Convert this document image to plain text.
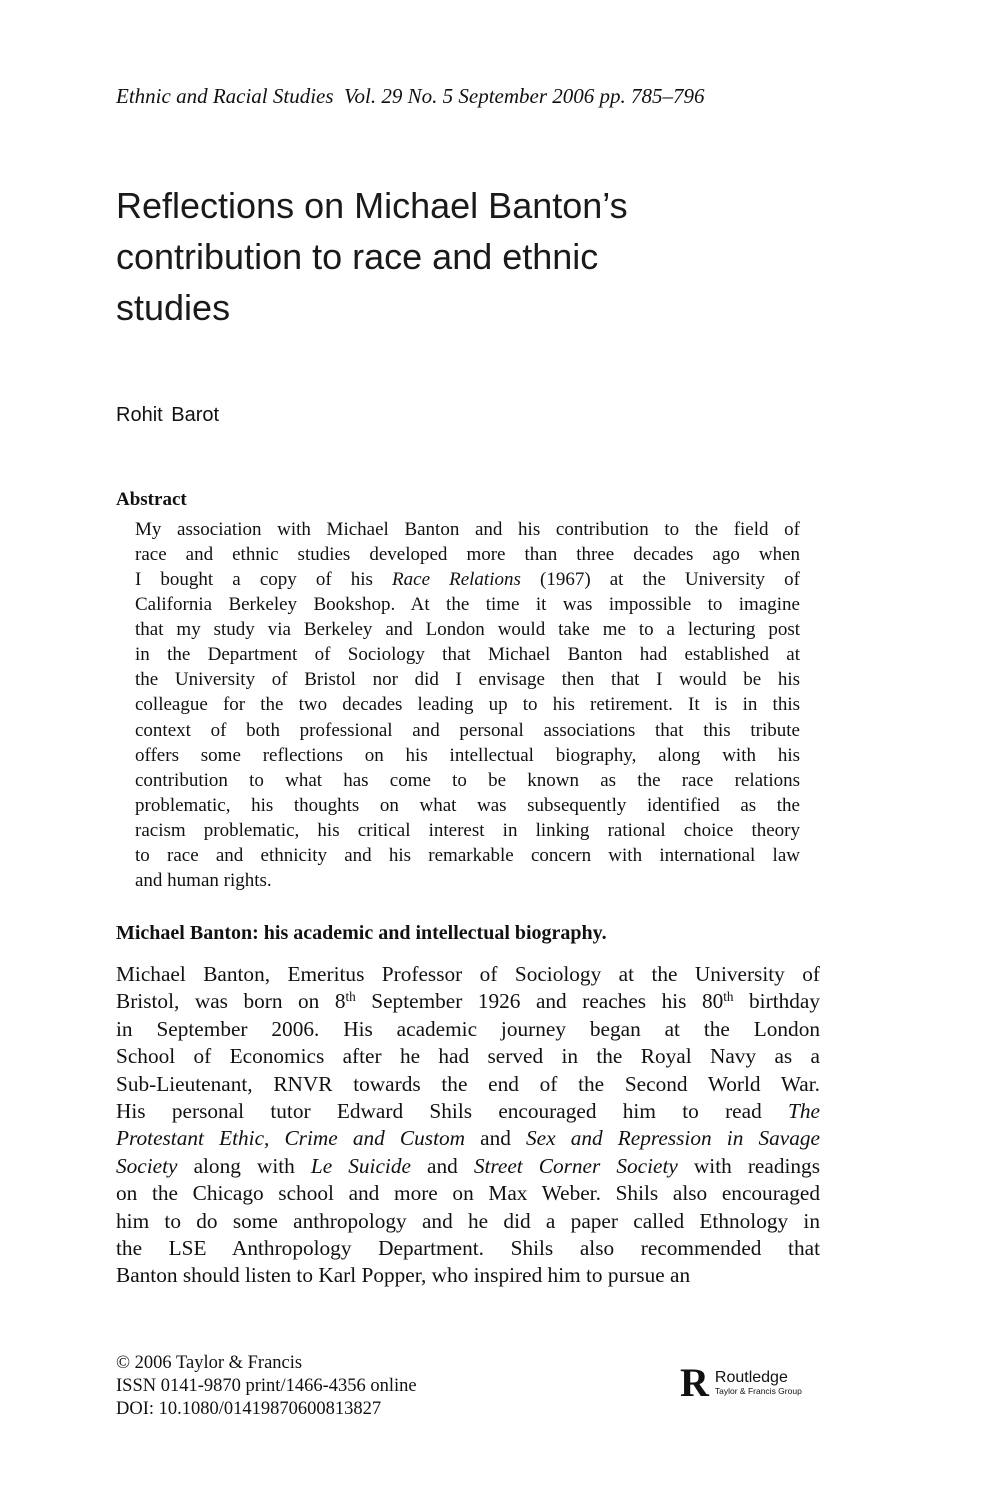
Ethnic and Racial Studies  Vol. 29 No. 5 September 2006 pp. 785–796
Reflections on Michael Banton’s
contribution to race and ethnic
studies
Rohit Barot
Abstract
My association with Michael Banton and his contribution to the field of
race and ethnic studies developed more than three decades ago when
I bought a copy of his Race Relations (1967) at the University of
California Berkeley Bookshop. At the time it was impossible to imagine
that my study via Berkeley and London would take me to a lecturing post
in the Department of Sociology that Michael Banton had established at
the University of Bristol nor did I envisage then that I would be his
colleague for the two decades leading up to his retirement. It is in this
context of both professional and personal associations that this tribute
offers some reflections on his intellectual biography, along with his
contribution to what has come to be known as the race relations
problematic, his thoughts on what was subsequently identified as the
racism problematic, his critical interest in linking rational choice theory
to race and ethnicity and his remarkable concern with international law
and human rights.
Michael Banton: his academic and intellectual biography.
Michael Banton, Emeritus Professor of Sociology at the University of
Bristol, was born on 8th September 1926 and reaches his 80th birthday
in September 2006. His academic journey began at the London
School of Economics after he had served in the Royal Navy as a
Sub-Lieutenant, RNVR towards the end of the Second World War.
His personal tutor Edward Shils encouraged him to read The
Protestant Ethic, Crime and Custom and Sex and Repression in Savage
Society along with Le Suicide and Street Corner Society with readings
on the Chicago school and more on Max Weber. Shils also encouraged
him to do some anthropology and he did a paper called Ethnology in
the LSE Anthropology Department. Shils also recommended that
Banton should listen to Karl Popper, who inspired him to pursue an
© 2006 Taylor & Francis
ISSN 0141-9870 print/1466-4356 online
DOI: 10.1080/01419870600813827
R Routledge
Taylor & Francis Group
